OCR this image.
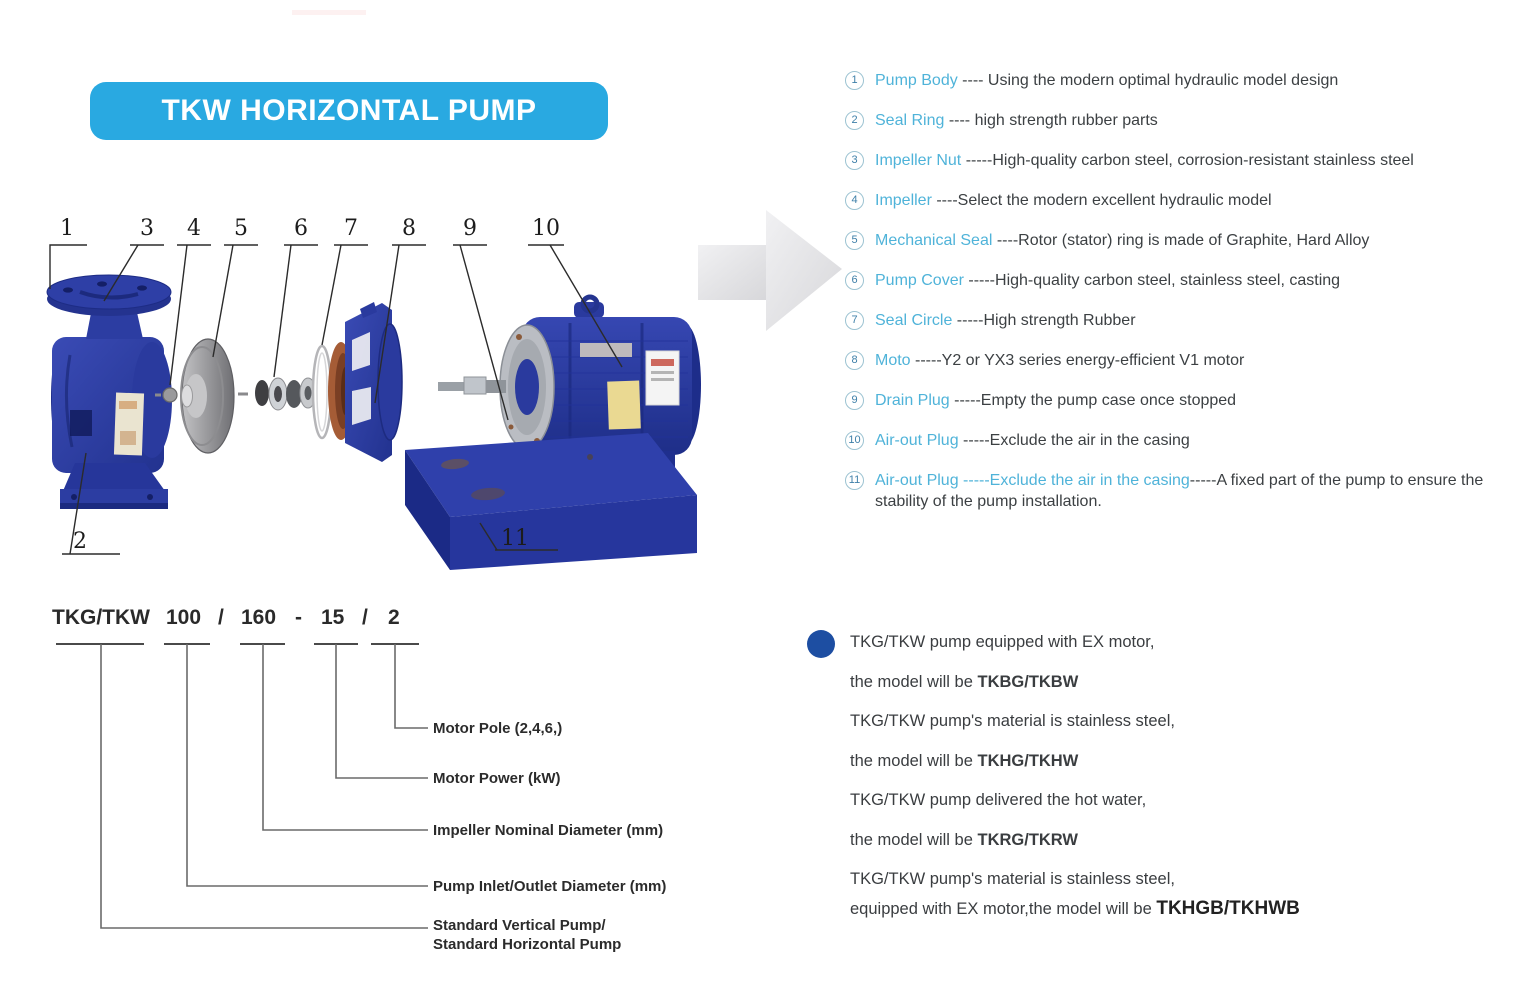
TKW HORIZONTAL PUMP
1	3 4 5 6 7 8 9	10
2	11
1	Pump Body ---- Using the modern optimal hydraulic model design
2	Seal Ring ---- high strength rubber parts
3	Impeller Nut -----High-quality carbon steel, corrosion-resistant stainless steel
4	Impeller ----Select the modern excellent hydraulic model
5	Mechanical Seal ----Rotor (stator) ring is made of Graphite, Hard Alloy
6	Pump Cover -----High-quality carbon steel, stainless steel, casting
7	Seal Circle -----High strength Rubber
8	Moto -----Y2 or YX3 series energy-efficient V1 motor
9	Drain Plug -----Empty the pump case once stopped
10 Air-out Plug -----Exclude the air in the casing
11 Air-out Plug -----Exclude the air in the casing-----A fixed part of the pump to ensure the stability of the pump installation.
TKG/TKW 100 / 160 - 15 / 2
Motor Pole (2,4,6,)
Motor Power (kW)
Impeller Nominal Diameter (mm)
Pump Inlet/Outlet Diameter (mm)
Standard Vertical Pump/
Standard Horizontal Pump
TKG/TKW pump equipped with EX motor,
the model will be TKBG/TKBW
TKG/TKW pump's material is stainless steel,
the model will be TKHG/TKHW
TKG/TKW pump delivered the hot water,
the model will be TKRG/TKRW
TKG/TKW pump's material is stainless steel,
equipped with EX motor,the model will be TKHGB/TKHWB
